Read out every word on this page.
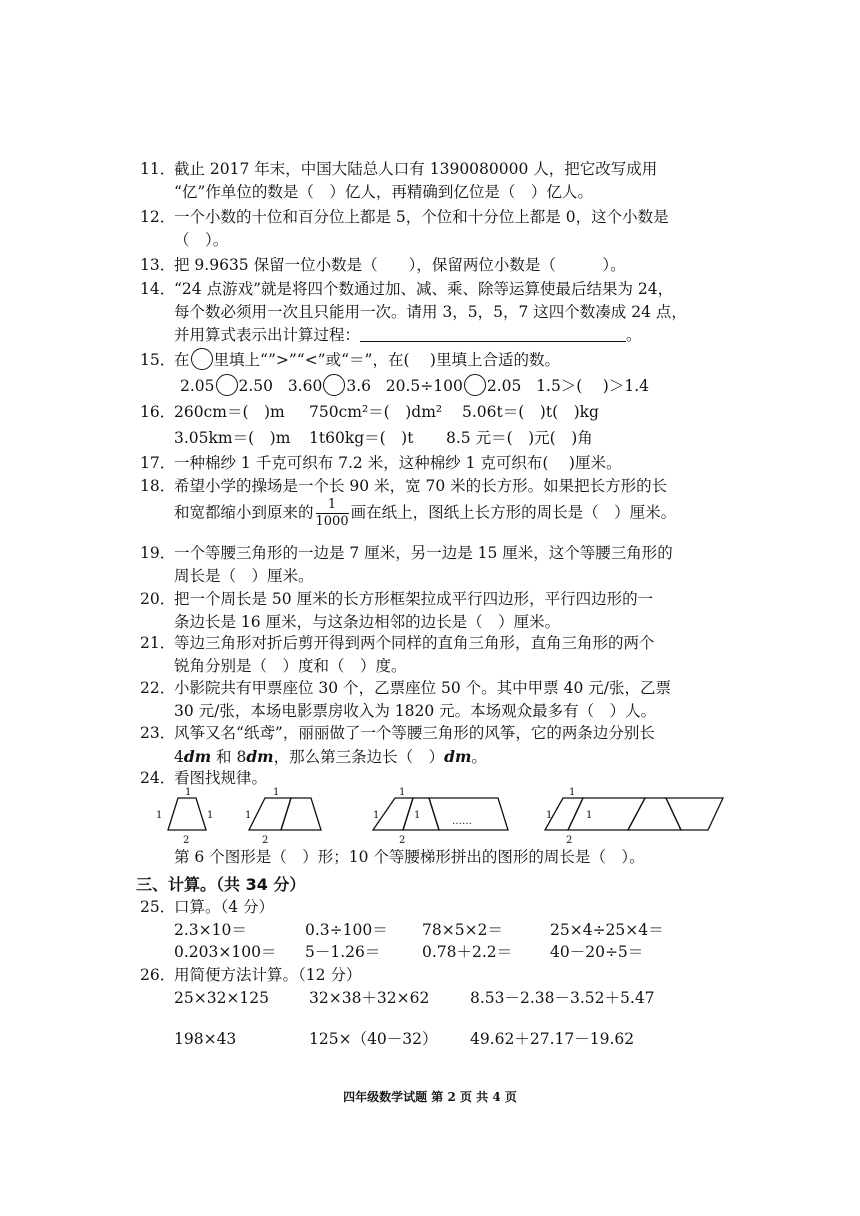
11．截止 2017 年末，中国大陆总人口有 1390080000 人，把它改写成用
“亿”作单位的数是（　）亿人，再精确到亿位是（　）亿人。
12．一个小数的十位和百分位上都是 5，个位和十分位上都是 0，这个小数是
（　）。
13．把 9.9635 保留一位小数是（　　），保留两位小数是（　　　）。
14．“24 点游戏”就是将四个数通过加、减、乘、除等运算使最后结果为 24，
每个数必须用一次且只能用一次。请用 3，5，5，7 这四个数凑成 24 点，
并用算式表示出计算过程：	。
15．在 里填上“”>”“<”或“＝”，在(　 )里填上合适的数。
2.05 2.50 3.60 3.6 20.5÷100 2.05 1.5＞(　 )＞1.4
16．
260cm＝(　)m 750cm²＝(　)dm² 5.06t＝(　)t(　)kg
3.05km＝(　)m 1t60kg＝(　)t 8.5 元＝(　)元(　)角
17．一种棉纱 1 千克可织布 7.2 米，这种棉纱 1 克可织布(　 )厘米。
18．希望小学的操场是一个长 90 米，宽 70 米的长方形。如果把长方形的长
和宽都缩小到原来的 $\frac{1}{1000}$ 画在纸上，图纸上长方形的周长是（　）厘米。
19．一个等腰三角形的一边是 7 厘米，另一边是 15 厘米，这个等腰三角形的
周长是（　）厘米。
20．把一个周长是 50 厘米的长方形框架拉成平行四边形，平行四边形的一
条边长是 16 厘米，与这条边相邻的边长是（　）厘米。
21．等边三角形对折后剪开得到两个同样的直角三角形，直角三角形的两个
锐角分别是（　）度和（　）度。
22．小影院共有甲票座位 30 个，乙票座位 50 个。其中甲票 40 元/张，乙票
30 元/张，本场电影票房收入为 1820 元。本场观众最多有（　）人。
23．风筝又名“纸鸢”，丽丽做了一个等腰三角形的风筝，它的两条边分别长
4dm 和 8dm，那么第三条边长（　）dm。
24．看图找规律。
1
1	1
2
1
1
2
1
1	1
……
2
1
1	1
2
第 6 个图形是（　）形；10 个等腰梯形拼出的图形的周长是（　）。
三、计算。（共 34 分）
25．口算。（4 分）
2.3×10＝	0.3÷100＝ 78×5×2＝	25×4÷25×4＝
0.203×100＝ 5－1.26＝	0.78＋2.2＝ 40－20÷5＝
26．用简便方法计算。（12 分）
25×32×125	32×38＋32×62	8.53－2.38－3.52＋5.47
198×43	125×（40－32） 49.62＋27.17－19.62
四年级数学试题 第 2 页 共 4 页
